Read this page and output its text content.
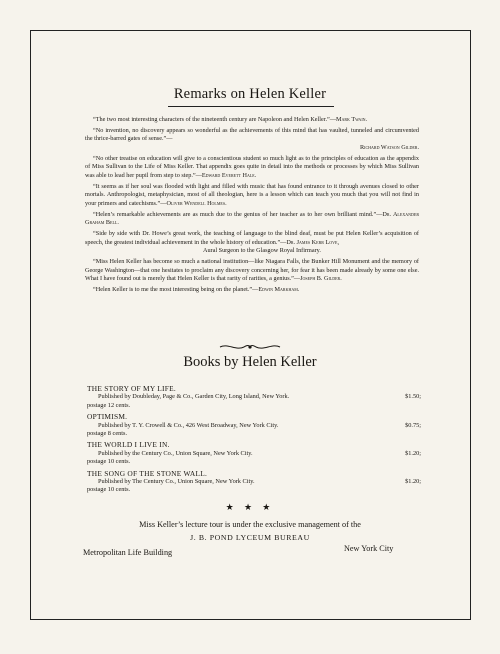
Remarks on Helen Keller

“The two most interesting characters of the nineteenth century are Napoleon and Helen Keller.”—Mark Twain.

“No invention, no discovery appears so wonderful as the achievements of this mind that has vaulted, tunneled and circumvented the thrice-barred gates of sense.”—

Richard Watson Gilder.

“No other treatise on education will give to a conscientious student so much light as to the principles of education as the appendix of Miss Sullivan to the Life of Miss Keller. That appendix goes quite in detail into the methods or processes by which Miss Sullivan was able to lead her pupil from step to step.”—Edward Everett Hale.

“It seems as if her soul was flooded with light and filled with music that has found entrance to it through avenues closed to other mortals. Anthropologist, metaphysician, most of all theologian, here is a lesson which can teach you much that you will not find in your primers and catechisms.”—Oliver Wendell Holmes.

“Helen’s remarkable achievements are as much due to the genius of her teacher as to her own brilliant mind.”—Dr. Alexander Graham Bell.

“Side by side with Dr. Howe’s great work, the teaching of language to the blind deaf, must be put Helen Keller’s acquisition of speech, the greatest individual achievement in the whole history of education.”—Dr. James Kerr Love,

Aural Surgeon to the Glasgow Royal Infirmary.

“Miss Helen Keller has become so much a national institution—like Niagara Falls, the Bunker Hill Monument and the memory of George Washington—that one hesitates to proclaim any discovery concerning her, for fear it has been made already by some one else. What I have found out is merely that Helen Keller is that rarity of rarities, a genius.”—Joseph B. Gilder.

“Helen Keller is to me the most interesting being on the planet.”—Edwin Markham.

Books by Helen Keller
THE STORY OF MY LIFE.
Published by Doubleday, Page & Co., Garden City, Long Island, New York.	$1.50;
postage 12 cents.
OPTIMISM.
Published by T. Y. Crowell & Co., 426 West Broadway, New York City.	$0.75;
postage 8 cents.
THE WORLD I LIVE IN.
Published by the Century Co., Union Square, New York City.	$1.20;
postage 10 cents.
THE SONG OF THE STONE WALL.
Published by The Century Co., Union Square, New York City.	$1.20;
postage 10 cents.
★ ★ ★
Miss Keller’s lecture tour is under the exclusive management of the
J. B. POND LYCEUM BUREAU
Metropolitan Life Building	New York City
